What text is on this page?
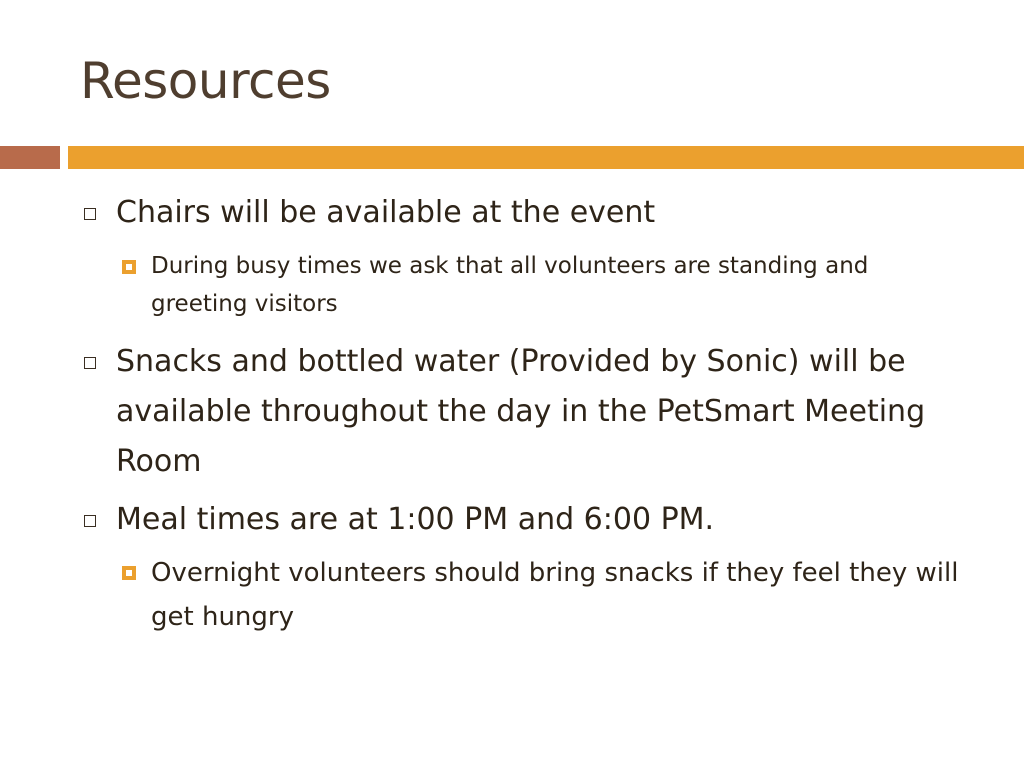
Resources
Chairs will be available at the event
During busy times we ask that all volunteers are standing and greeting visitors
Snacks and bottled water (Provided by Sonic) will be available throughout the day in the PetSmart Meeting Room
Meal times are at 1:00 PM and 6:00 PM.
Overnight volunteers should bring snacks if they feel they will get hungry
